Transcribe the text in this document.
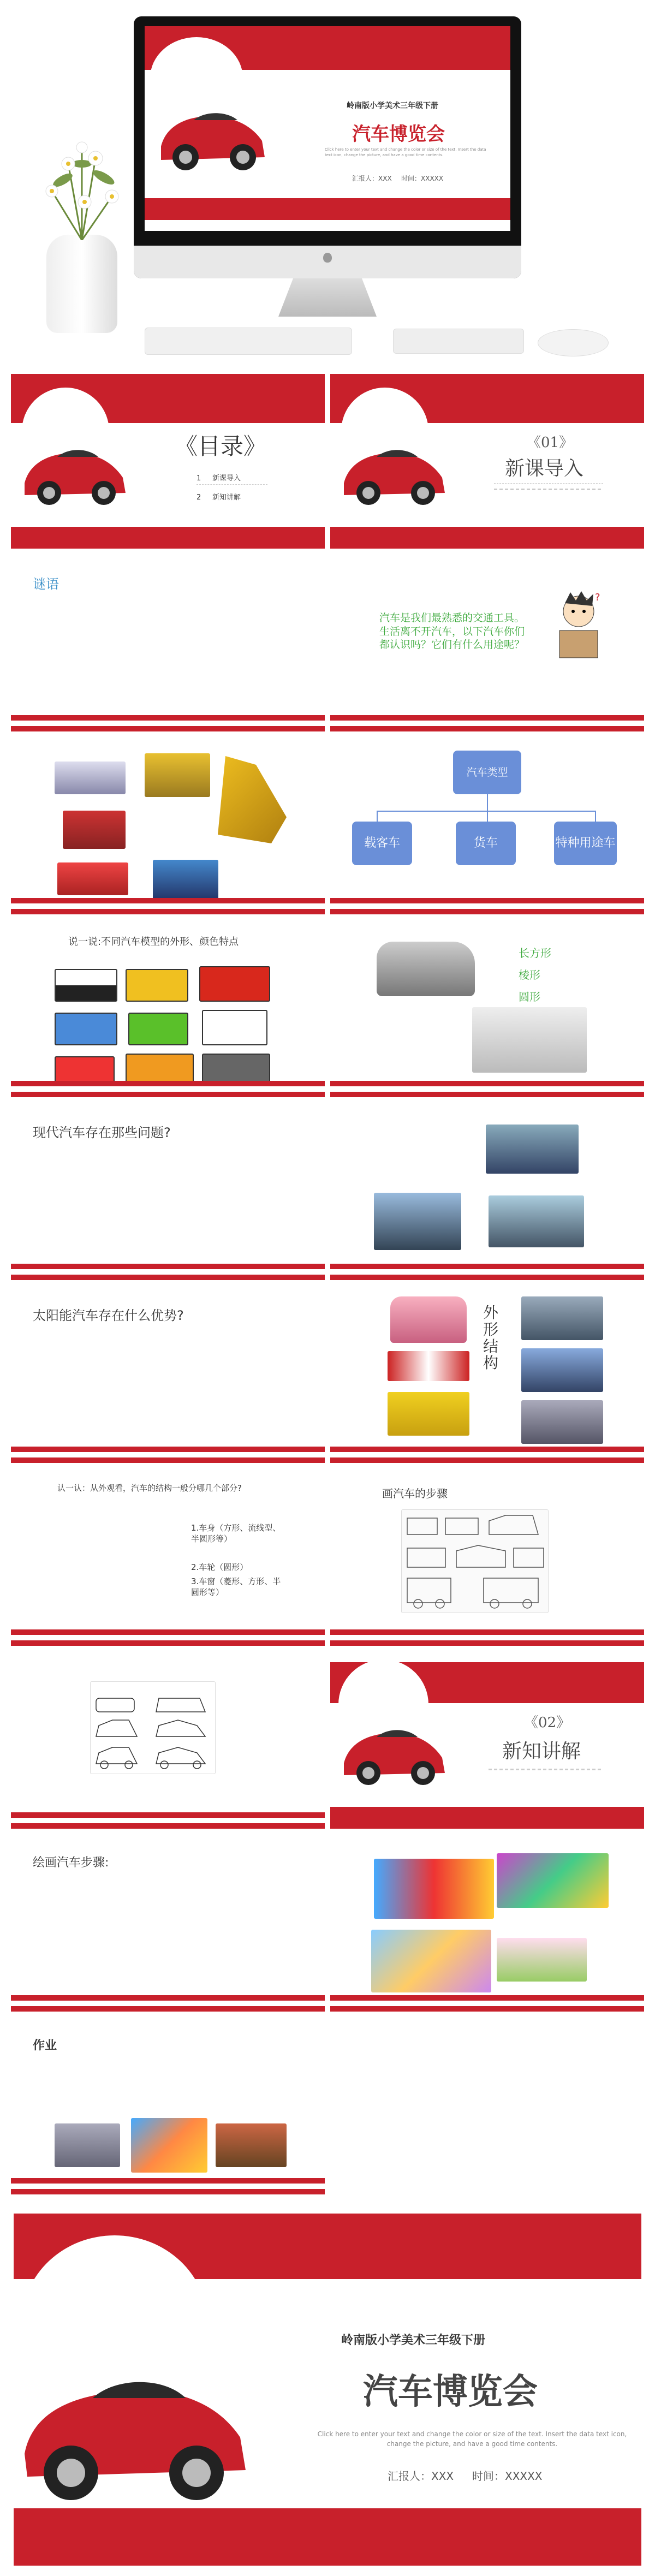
岭南版小学美术三年级下册
汽车博览会
Click here to enter your text and change the color or size of the text. Insert the data text icon, change the picture, and have a good time contents.
汇报人：XXX 时间：XXXXX
《目录》
1 新课导入
2 新知讲解
《01》
新课导入
谜语
汽车是我们最熟悉的交通工具。生活离不开汽车，以下汽车你们都认识吗？它们有什么用途呢？
?
汽车类型
载客车	货车	特种用途车
说一说:不同汽车模型的外形、颜色特点
长方形
棱形
圆形
现代汽车存在那些问题?
太阳能汽车存在什么优势?	外形结构
认一认：从外观看，汽车的结构一般分哪几个部分?
1.车身（方形、流线型、半圆形等）
2.车轮（圆形）
3.车窗（菱形、方形、半圆形等）
画汽车的步骤
《02》
新知讲解
绘画汽车步骤:
作业
岭南版小学美术三年级下册
汽车博览会
Click here to enter your text and change the color or size of the text. Insert the data text icon, change the picture, and have a good time contents.
汇报人：XXX 时间：XXXXX
